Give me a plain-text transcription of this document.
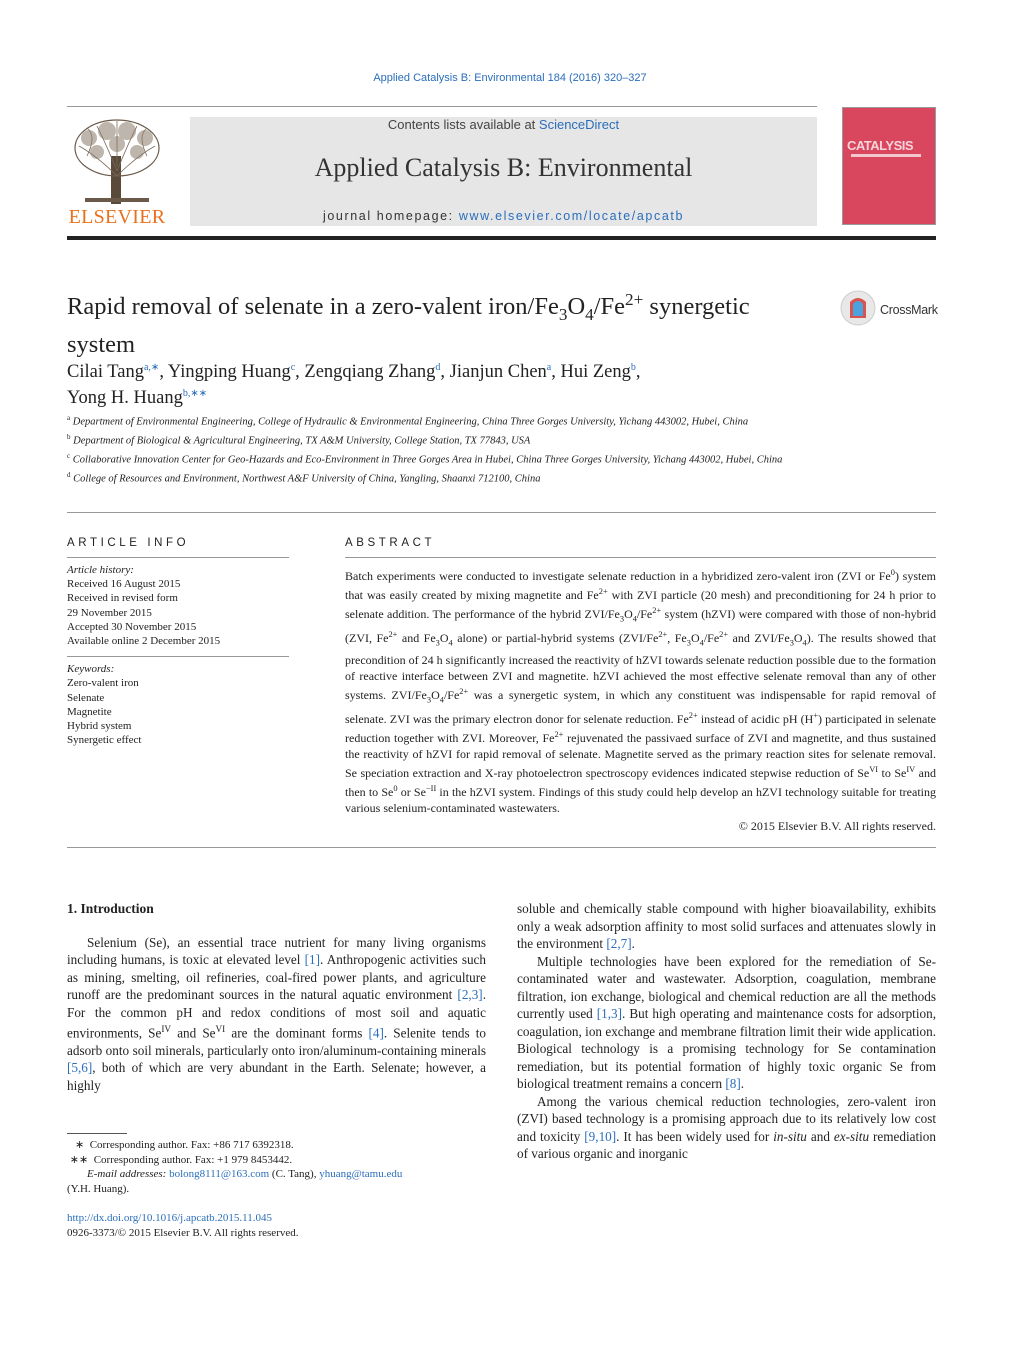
Applied Catalysis B: Environmental 184 (2016) 320–327
ELSEVIER
Contents lists available at ScienceDirect
Applied Catalysis B: Environmental
journal homepage: www.elsevier.com/locate/apcatb
CATALYSIS
Rapid removal of selenate in a zero-valent iron/$Fe_3O_4/Fe^{2+}$ synergetic
system
CrossMark
Cilai Tang$^{a,∗}$, Yingping Huang$^c$, Zengqiang Zhang$^d$, Jianjun Chen$^a$, Hui Zeng$^b$,
Yong H. Huang$^{b,∗∗}$
$^a$ Department of Environmental Engineering, College of Hydraulic & Environmental Engineering, China Three Gorges University, Yichang 443002, Hubei, China
$^b$ Department of Biological & Agricultural Engineering, TX A&M University, College Station, TX 77843, USA
$^c$ Collaborative Innovation Center for Geo-Hazards and Eco-Environment in Three Gorges Area in Hubei, China Three Gorges University, Yichang 443002, Hubei, China
$^d$ College of Resources and Environment, Northwest A&F University of China, Yangling, Shaanxi 712100, China
ARTICLE INFO
Article history:
Received 16 August 2015
Received in revised form
29 November 2015
Accepted 30 November 2015
Available online 2 December 2015
Keywords:
Zero-valent iron
Selenate
Magnetite
Hybrid system
Synergetic effect
ABSTRACT
Batch experiments were conducted to investigate selenate reduction in a hybridized zero-valent iron (ZVI or Fe$^0$) system that was easily created by mixing magnetite and $Fe^{2+}$ with ZVI particle (20 mesh) and preconditioning for 24 h prior to selenate addition. The performance of the hybrid ZVI/$Fe_3O_4/Fe^{2+}$ system (hZVI) were compared with those of non-hybrid (ZVI, $Fe^{2+}$ and $Fe_3O_4$ alone) or partial-hybrid systems ($ZVI/Fe^{2+}$, $Fe_3O_4/Fe^{2+}$ and ZVI/$Fe_3O_4$). The results showed that precondition of 24 h significantly increased the reactivity of hZVI towards selenate reduction possible due to the formation of reactive interface between ZVI and magnetite. hZVI achieved the most effective selenate removal than any of other systems. ZVI/$Fe_3O_4/Fe^{2+}$ was a synergetic system, in which any constituent was indispensable for rapid removal of selenate. ZVI was the primary electron donor for selenate reduction. $Fe^{2+}$ instead of acidic pH (H+) participated in selenate reduction together with ZVI. Moreover, $Fe^{2+}$ rejuvenated the passivaed surface of ZVI and magnetite, and thus sustained the reactivity of hZVI for rapid removal of selenate. Magnetite served as the primary reaction sites for selenate removal. Se speciation extraction and X-ray photoelectron spectroscopy evidences indicated stepwise reduction of $Se^{VI}$ to $Se^{IV}$ and then to Se$^0$ or $Se^{-II}$ in the hZVI system. Findings of this study could help develop an hZVI technology suitable for treating various selenium-contaminated wastewaters.
© 2015 Elsevier B.V. All rights reserved.
1. Introduction

Selenium (Se), an essential trace nutrient for many living organisms including humans, is toxic at elevated level [1]. Anthropogenic activities such as mining, smelting, oil refineries, coal-fired power plants, and agriculture runoff are the predominant sources in the natural aquatic environment [2,3]. For the common pH and redox conditions of most soil and aquatic environments, $Se^{IV}$ and $Se^{VI}$ are the dominant forms [4]. Selenite tends to adsorb onto soil minerals, particularly onto iron/aluminum-containing minerals [5,6], both of which are very abundant in the Earth. Selenate; however, a highly

soluble and chemically stable compound with higher bioavailability, exhibits only a weak adsorption affinity to most solid surfaces and attenuates slowly in the environment [2,7].

Multiple technologies have been explored for the remediation of Se-contaminated water and wastewater. Adsorption, coagulation, membrane filtration, ion exchange, biological and chemical reduction are all the methods currently used [1,3]. But high operating and maintenance costs for adsorption, coagulation, ion exchange and membrane filtration limit their wide application. Biological technology is a promising technology for Se contamination remediation, but its potential formation of highly toxic organic Se from biological treatment remains a concern [8].

Among the various chemical reduction technologies, zero-valent iron (ZVI) based technology is a promising approach due to its relatively low cost and toxicity [9,10]. It has been widely used for in-situ and ex-situ remediation of various organic and inorganic

∗  Corresponding author. Fax: +86 717 6392318.
∗∗  Corresponding author. Fax: +1 979 8453442.
E-mail addresses: bolong8111@163.com (C. Tang), yhuang@tamu.edu
(Y.H. Huang).
http://dx.doi.org/10.1016/j.apcatb.2015.11.045
0926-3373/© 2015 Elsevier B.V. All rights reserved.
